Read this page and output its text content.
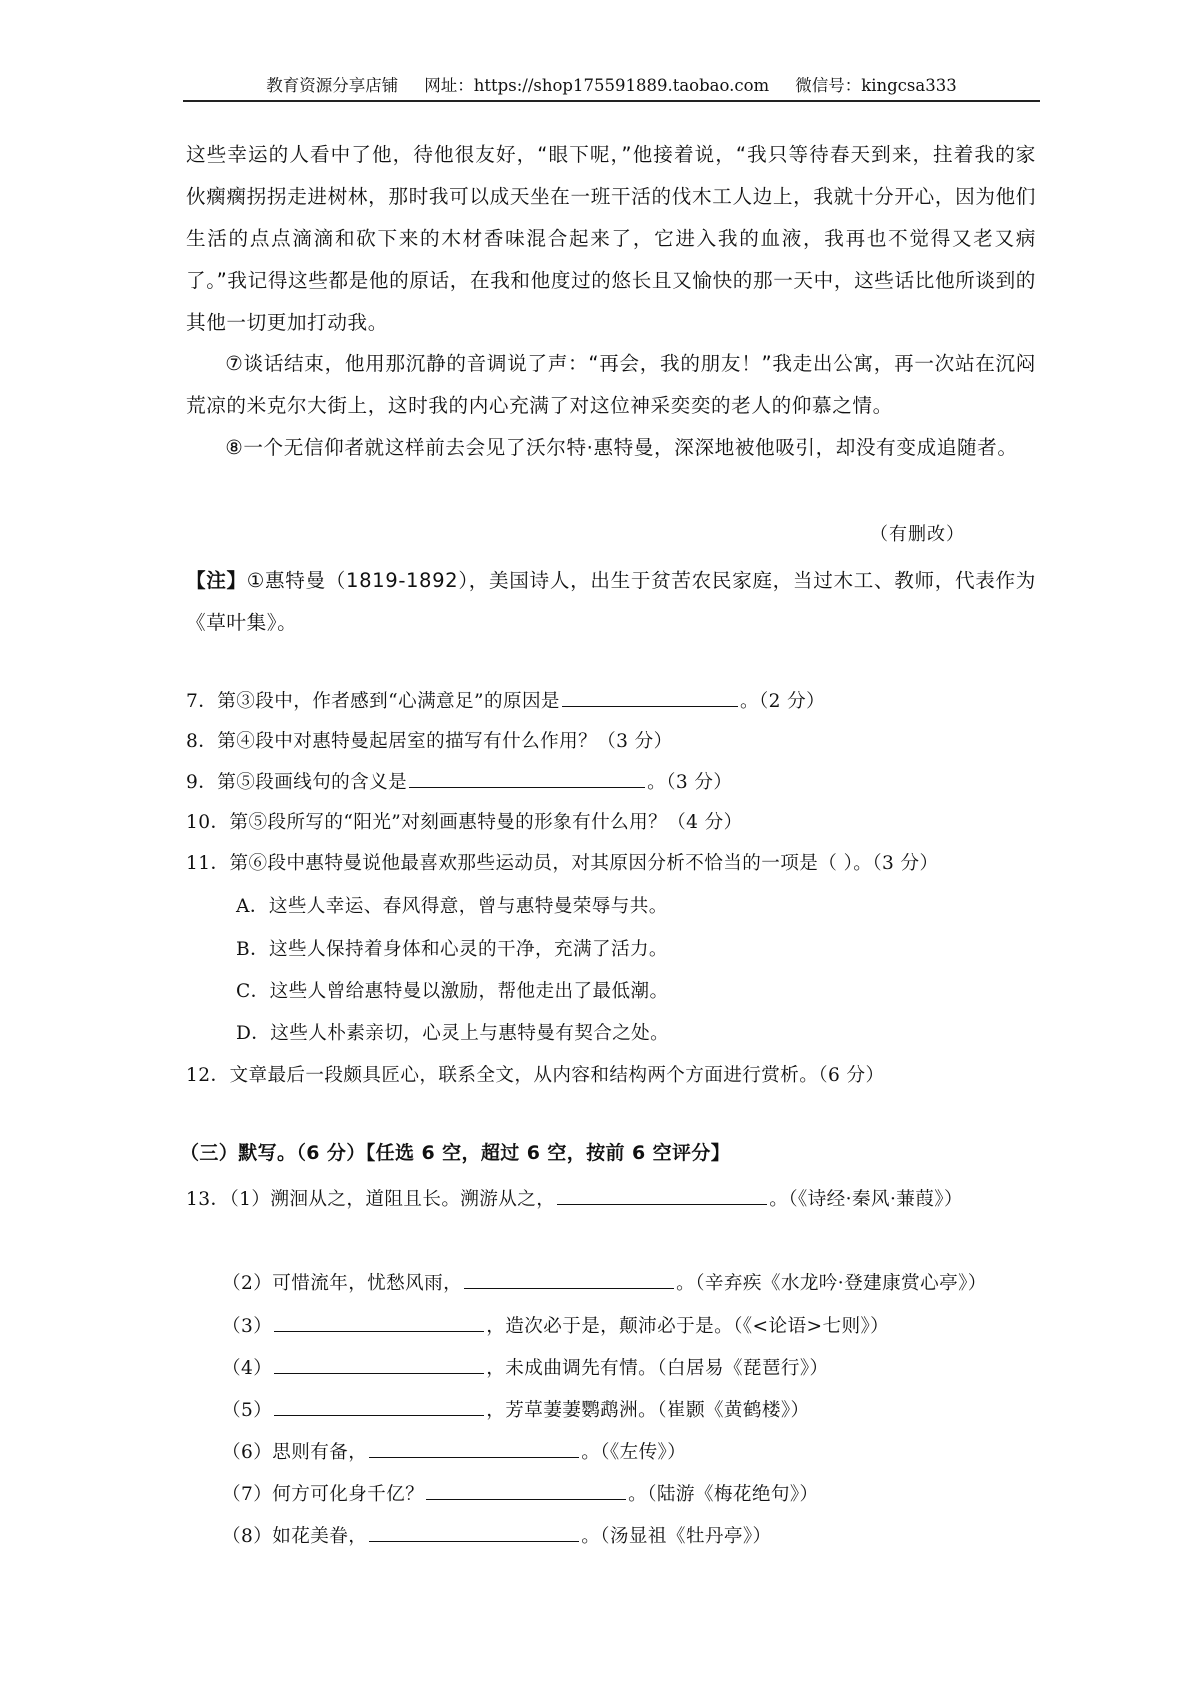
教育资源分享店铺 网址：https://shop175591889.taobao.com 微信号：kingcsa333
这些幸运的人看中了他，待他很友好，“眼下呢，”他接着说，“我只等待春天到来，拄着我的家伙瘸瘸拐拐走进树林，那时我可以成天坐在一班干活的伐木工人边上，我就十分开心，因为他们生活的点点滴滴和砍下来的木材香味混合起来了，它进入我的血液，我再也不觉得又老又病了。”我记得这些都是他的原话，在我和他度过的悠长且又愉快的那一天中，这些话比他所谈到的其他一切更加打动我。
⑦谈话结束，他用那沉静的音调说了声：“再会，我的朋友！”我走出公寓，再一次站在沉闷荒凉的米克尔大街上，这时我的内心充满了对这位神采奕奕的老人的仰慕之情。
⑧一个无信仰者就这样前去会见了沃尔特·惠特曼，深深地被他吸引，却没有变成追随者。
（有删改）
【注】①惠特曼（1819-1892），美国诗人，出生于贫苦农民家庭，当过木工、教师，代表作为《草叶集》。
7．第③段中，作者感到“心满意足”的原因是	。（2 分）
8．第④段中对惠特曼起居室的描写有什么作用？（3 分）
9．第⑤段画线句的含义是	。（3 分）
10．第⑤段所写的“阳光”对刻画惠特曼的形象有什么用？（4 分）
11．第⑥段中惠特曼说他最喜欢那些运动员，对其原因分析不恰当的一项是（ ）。（3 分）
A．这些人幸运、春风得意，曾与惠特曼荣辱与共。
B．这些人保持着身体和心灵的干净，充满了活力。
C．这些人曾给惠特曼以激励，帮他走出了最低潮。
D．这些人朴素亲切，心灵上与惠特曼有契合之处。
12．文章最后一段颇具匠心，联系全文，从内容和结构两个方面进行赏析。（6 分）
（三）默写。（6 分）【任选 6 空，超过 6 空，按前 6 空评分】
13．（1）溯洄从之，道阻且长。溯游从之，	。（《诗经·秦风·蒹葭》）
（2）可惜流年，忧愁风雨，	。（辛弃疾《水龙吟·登建康赏心亭》）
（3）	，造次必于是，颠沛必于是。（《<论语>七则》）
（4）	，未成曲调先有情。（白居易《琵琶行》）
（5）	，芳草萋萋鹦鹉洲。（崔颢《黄鹤楼》）
（6）思则有备，	。（《左传》）
（7）何方可化身千亿？	。（陆游《梅花绝句》）
（8）如花美眷，	。（汤显祖《牡丹亭》）
